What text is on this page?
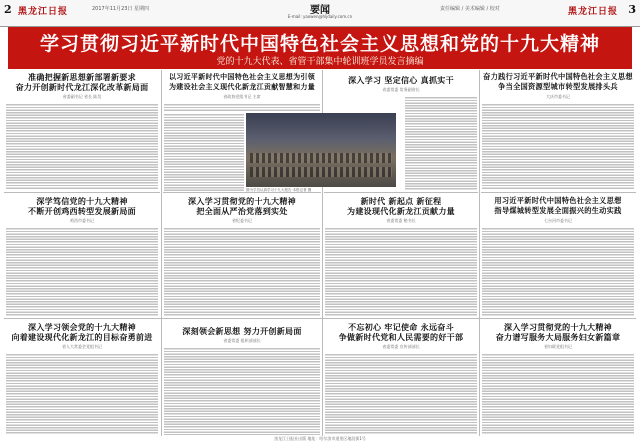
2 黑龙江日报	2017年11月23日 星期四	要闻
E-mail: yaowen@hljdaily.com.cn
责任编辑 / 美术编辑 / 校对	黑龙江日报 3
学习贯彻习近平新时代中国特色社会主义思想和党的十九大精神
党的十九大代表、省管干部集中轮训班学员发言摘编
准确把握新思想新部署新要求
奋力开创新时代龙江深化改革新局面
省委副书记 省长 陆昊
以习近平新时代中国特色社会主义思想为引领
为建设社会主义现代化新龙江贡献智慧和力量
省政协党组书记 主席
图为学员认真学习十九大报告 本报记者 摄
深入学习 坚定信心 真抓实干
省委常委 常务副省长
奋力践行习近平新时代中国特色社会主义思想
争当全国资源型城市转型发展排头兵
大庆市委书记
深学笃信党的十九大精神
不断开创鸡西转型发展新局面
鸡西市委书记
深入学习贯彻党的十九大精神
把全面从严治党落到实处
省纪委书记
新时代 新起点 新征程
为建设现代化新龙江贡献力量
省委常委 秘书长
用习近平新时代中国特色社会主义思想
指导煤城转型发展全面振兴的生动实践
七台河市委书记
深入学习领会党的十九大精神
向着建设现代化新龙江的目标奋勇前进
省人大常委会党组书记
深刻领会新思想 努力开创新局面
省委常委 组织部部长
不忘初心 牢记使命 永远奋斗
争做新时代党和人民需要的好干部
省委常委 宣传部部长
深入学习贯彻党的十九大精神
奋力谱写服务大局服务妇女新篇章
省妇联党组书记
黑龙江日报社出版 地址：哈尔滨市道里区地段街1号
